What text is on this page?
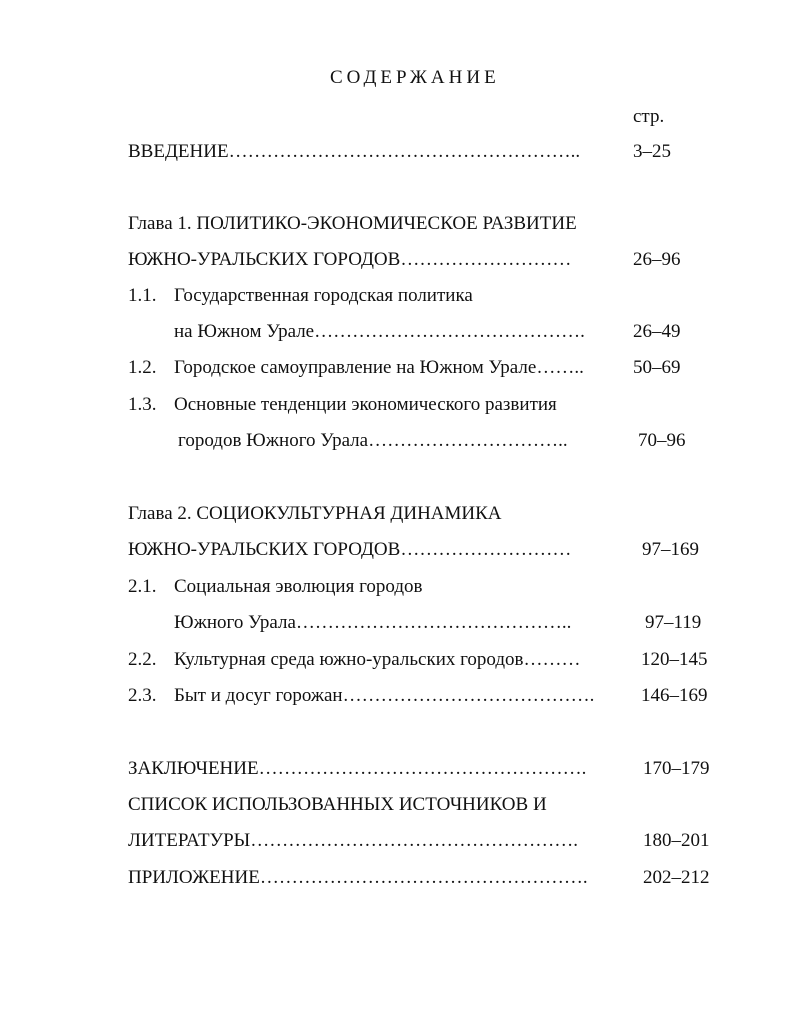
СОДЕРЖАНИЕ
стр.
ВВЕДЕНИЕ………………………………………………..	3–25
Глава 1. ПОЛИТИКО-ЭКОНОМИЧЕСКОЕ РАЗВИТИЕ
ЮЖНО-УРАЛЬСКИХ ГОРОДОВ………………………	26–96
1.1. Государственная городская политика
на Южном Урале…………………………………….	26–49
1.2. Городское самоуправление на Южном Урале……..	50–69
1.3. Основные тенденции экономического развития
городов Южного Урала…………………………..	70–96
Глава 2. СОЦИОКУЛЬТУРНАЯ ДИНАМИКА
ЮЖНО-УРАЛЬСКИХ ГОРОДОВ………………………	97–169
2.1. Социальная эволюция городов
Южного Урала……………………………………..	97–119
2.2. Культурная среда южно-уральских городов………	120–145
2.3. Быт и досуг горожан…………………………………. 146–169
ЗАКЛЮЧЕНИЕ…………………………………………….	170–179
СПИСОК ИСПОЛЬЗОВАННЫХ ИСТОЧНИКОВ И
ЛИТЕРАТУРЫ…………………………………………….	180–201
ПРИЛОЖЕНИЕ…………………………………………….	202–212
